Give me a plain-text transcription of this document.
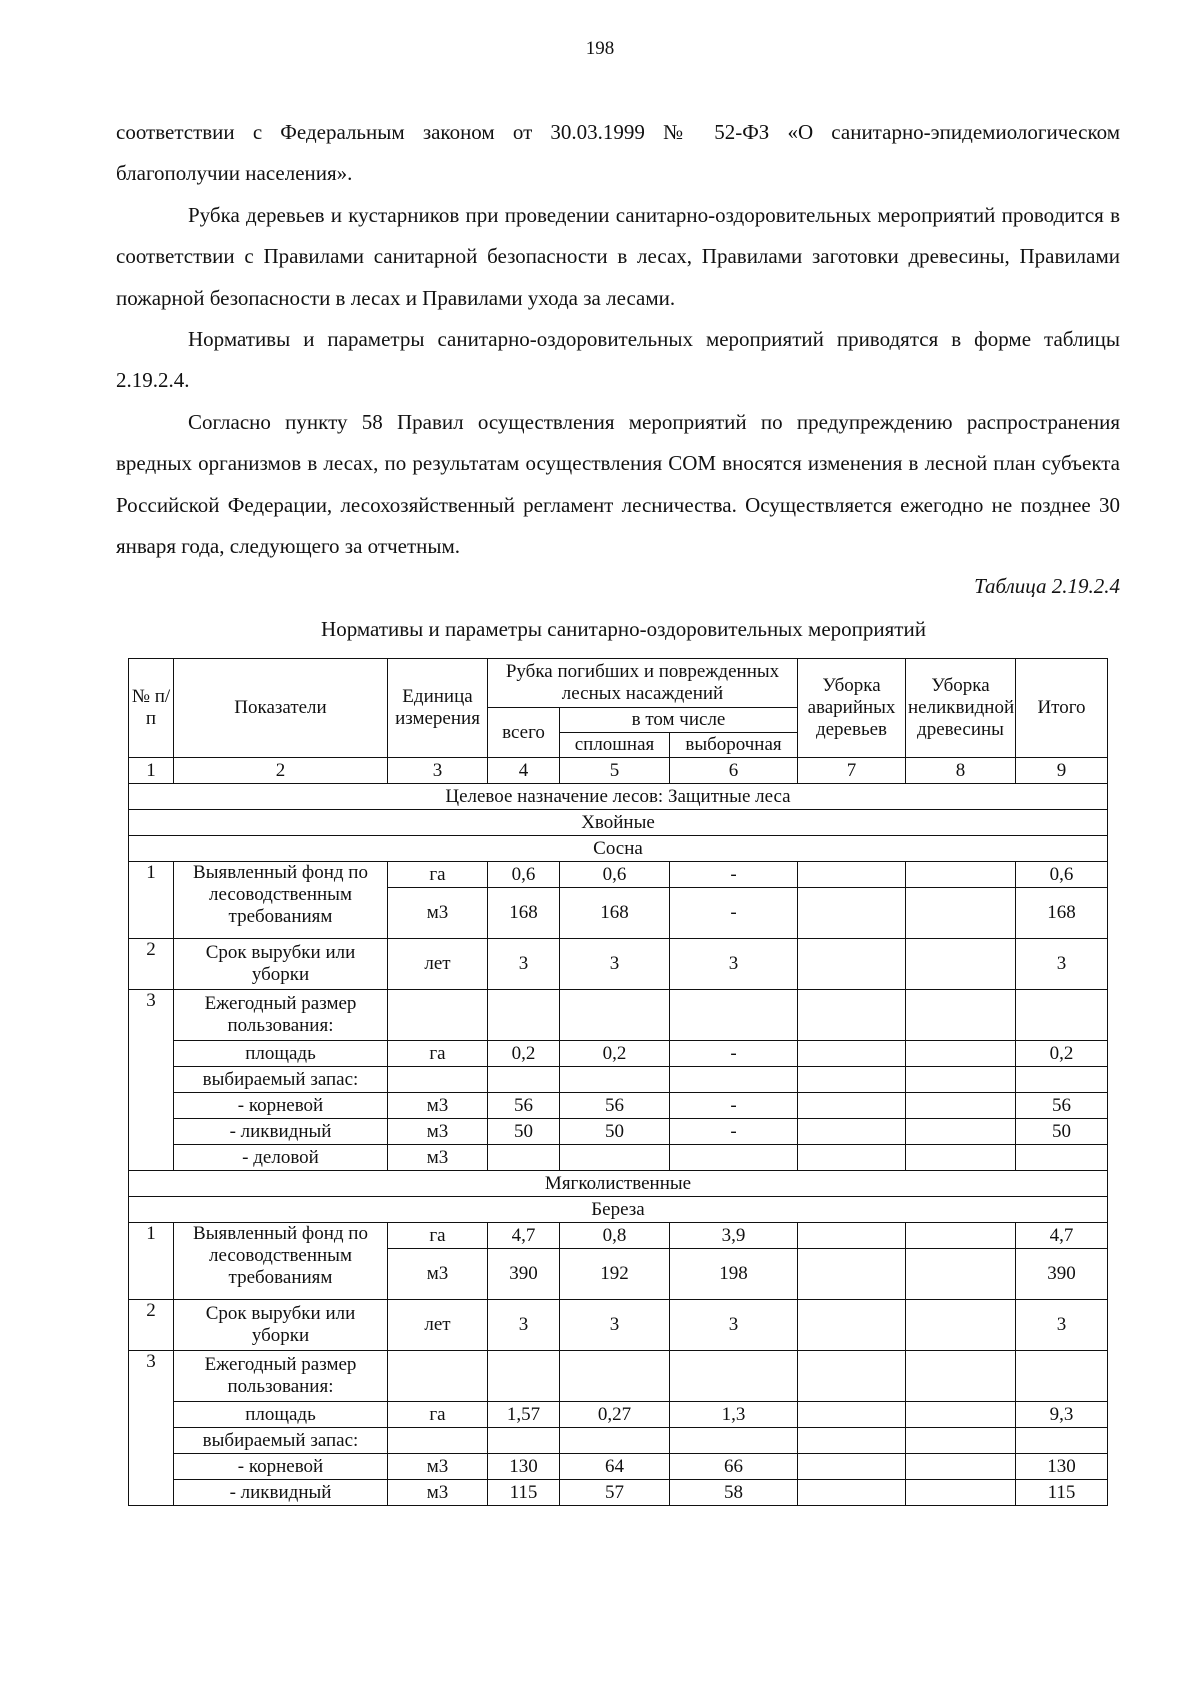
198

соответствии с Федеральным законом от 30.03.1999 № 52-ФЗ «О санитарно-эпидемиологическом благополучии населения».

Рубка деревьев и кустарников при проведении санитарно-оздоровительных мероприятий проводится в соответствии с Правилами санитарной безопасности в лесах, Правилами заготовки древесины, Правилами пожарной безопасности в лесах и Правилами ухода за лесами.

Нормативы и параметры санитарно-оздоровительных мероприятий приводятся в форме таблицы 2.19.2.4.

Согласно пункту 58 Правил осуществления мероприятий по предупреждению распространения вредных организмов в лесах, по результатам осуществления СОМ вносятся изменения в лесной план субъекта Российской Федерации, лесохозяйственный регламент лесничества. Осуществляется ежегодно не позднее 30 января года, следующего за отчетным.

Таблица 2.19.2.4
Нормативы и параметры санитарно-оздоровительных мероприятий
№ п/п	Показатели	Единица измерения	Рубка погибших и поврежденных лесных насаждений			Уборка аварийных деревьев	Уборка неликвидной древесины	Итого
			всего	в том числе				
				сплошная	выборочная			
1	2	3	4	5	6	7	8	9
Целевое назначение лесов: Защитные леса								
Хвойные								
Сосна								
1	Выявленный фонд по лесоводственным требованиям	га	0,6	0,6	-			0,6
		м3	168	168	-			168
2	Срок вырубки или уборки	лет	3	3	3			3
3	Ежегодный размер пользования:							
	площадь	га	0,2	0,2	-			0,2
	выбираемый запас:							
	- корневой	м3	56	56	-			56
	- ликвидный	м3	50	50	-			50
	- деловой	м3						
Мягколиственные								
Береза								
1	Выявленный фонд по лесоводственным требованиям	га	4,7	0,8	3,9			4,7
		м3	390	192	198			390
2	Срок вырубки или уборки	лет	3	3	3			3
3	Ежегодный размер пользования:							
	площадь	га	1,57	0,27	1,3			9,3
	выбираемый запас:							
	- корневой	м3	130	64	66			130
	- ликвидный	м3	115	57	58			115
